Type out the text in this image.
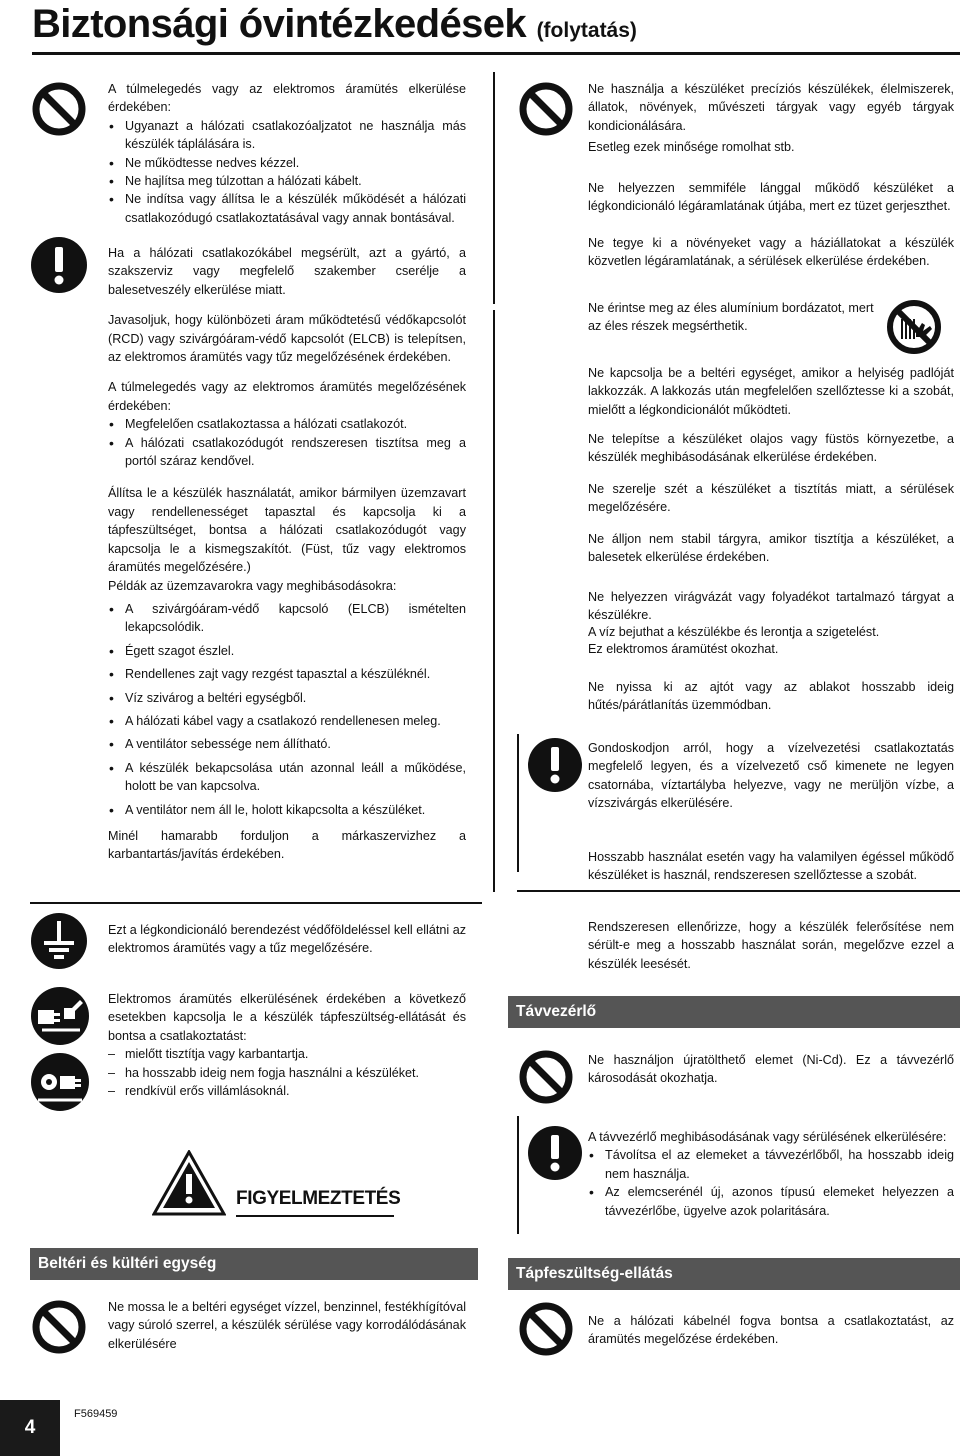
Biztonsági óvintézkedések (folytatás)

A túlmelegedés vagy az elektromos áramütés elkerülése érdekében:

• Ugyanazt a hálózati csatlakozóaljzatot ne használja más készülék táplálására is.

• Ne működtesse nedves kézzel.

• Ne hajlítsa meg túlzottan a hálózati kábelt.

• Ne indítsa vagy állítsa le a készülék működését a hálózati csatlakozódugó csatlakoztatásával vagy annak bontásával.

Ha a hálózati csatlakozókábel megsérült, azt a gyártó, a szakszerviz vagy megfelelő szakember cserélje a balesetveszély elkerülése miatt.

Javasoljuk, hogy különbözeti áram működtetésű védőkapcsolót (RCD) vagy szivárgóáram-védő kapcsolót (ELCB) is telepítsen, az elektromos áramütés vagy tűz megelőzésének érdekében.

A túlmelegedés vagy az elektromos áramütés megelőzésének érdekében:

• Megfelelően csatlakoztassa a hálózati csatlakozót.

• A hálózati csatlakozódugót rendszeresen tisztítsa meg a portól száraz kendővel.

Állítsa le a készülék használatát, amikor bármilyen üzemzavart vagy rendellenességet tapasztal és kapcsolja ki a tápfeszültséget, bontsa a hálózati csatlakozódugót vagy kapcsolja le a kismegszakítót. (Füst, tűz vagy elektromos áramütés megelőzésére.)

Példák az üzemzavarokra vagy meghibásodásokra:

• A szivárgóáram-védő kapcsoló (ELCB) ismételten lekapcsolódik.

• Égett szagot észlel.

• Rendellenes zajt vagy rezgést tapasztal a készüléknél.

• Víz szivárog a beltéri egységből.

• A hálózati kábel vagy a csatlakozó rendellenesen meleg.

• A ventilátor sebessége nem állítható.

• A készülék bekapcsolása után azonnal leáll a működése, holott be van kapcsolva.

• A ventilátor nem áll le, holott kikapcsolta a készüléket.

Minél hamarabb forduljon a márkaszervizhez a karbantartás/javítás érdekében.

Ezt a légkondicionáló berendezést védőföldeléssel kell ellátni az elektromos áramütés vagy a tűz megelőzésére.

Elektromos áramütés elkerülésének érdekében a következő esetekben kapcsolja le a készülék tápfeszültség-ellátását és bontsa a csatlakoztatást:

– mielőtt tisztítja vagy karbantartja.

– ha hosszabb ideig nem fogja használni a készüléket.

– rendkívül erős villámlásoknál.

FIGYELMEZTETÉS
Beltéri és kültéri egység

Ne mossa le a beltéri egységet vízzel, benzinnel, festékhígítóval vagy súroló szerrel, a készülék sérülése vagy korrodálódásának elkerülésére

Ne használja a készüléket precíziós készülékek, élelmiszerek, állatok, növények, művészeti tárgyak vagy egyéb tárgyak kondicionálására.
Esetleg ezek minősége romolhat stb.
Ne helyezzen semmiféle lánggal működő készüléket a légkondicionáló légáramlatának útjába, mert ez tüzet gerjeszthet.
Ne tegye ki a növényeket vagy a háziállatokat a készülék közvetlen légáramlatának, a sérülések elkerülése érdekében.
Ne érintse meg az éles alumínium bordázatot, mert az éles részek megsérthetik.
Ne kapcsolja be a beltéri egységet, amikor a helyiség padlóját lakkozzák. A lakkozás után megfelelően szellőztesse ki a szobát, mielőtt a légkondicionálót működteti.
Ne telepítse a készüléket olajos vagy füstös környezetbe, a készülék meghibásodásának elkerülése érdekében.
Ne szerelje szét a készüléket a tisztítás miatt, a sérülések megelőzésére.
Ne álljon nem stabil tárgyra, amikor tisztítja a készüléket, a balesetek elkerülése érdekében.
Ne helyezzen virágvázát vagy folyadékot tartalmazó tárgyat a készülékre.
A víz bejuthat a készülékbe és lerontja a szigetelést.
Ez elektromos áramütést okozhat.
Ne nyissa ki az ajtót vagy az ablakot hosszabb ideig hűtés/párátlanítás üzemmódban.
Gondoskodjon arról, hogy a vízelvezetési csatlakoztatás megfelelő legyen, és a vízelvezető cső kimenete ne legyen csatornába, víztartályba helyezve, vagy ne merüljön vízbe, a vízszivárgás elkerülésére.
Hosszabb használat esetén vagy ha valamilyen égéssel működő készüléket is használ, rendszeresen szellőztesse a szobát.
Rendszeresen ellenőrizze, hogy a készülék felerősítése nem sérült-e meg a hosszabb használat során, megelőzve ezzel a készülék leesését.
Távvezérlő
Ne használjon újratölthető elemet (Ni-Cd). Ez a távvezérlő károsodását okozhatja.

A távvezérlő meghibásodásának vagy sérülésének elkerülésére:

• Távolítsa el az elemeket a távvezérlőből, ha hosszabb ideig nem használja.

• Az elemcserénél új, azonos típusú elemeket helyezzen a távvezérlőbe, ügyelve azok polaritására.

Tápfeszültség-ellátás
Ne a hálózati kábelnél fogva bontsa a csatlakoztatást, az áramütés megelőzése érdekében.
4
F569459
